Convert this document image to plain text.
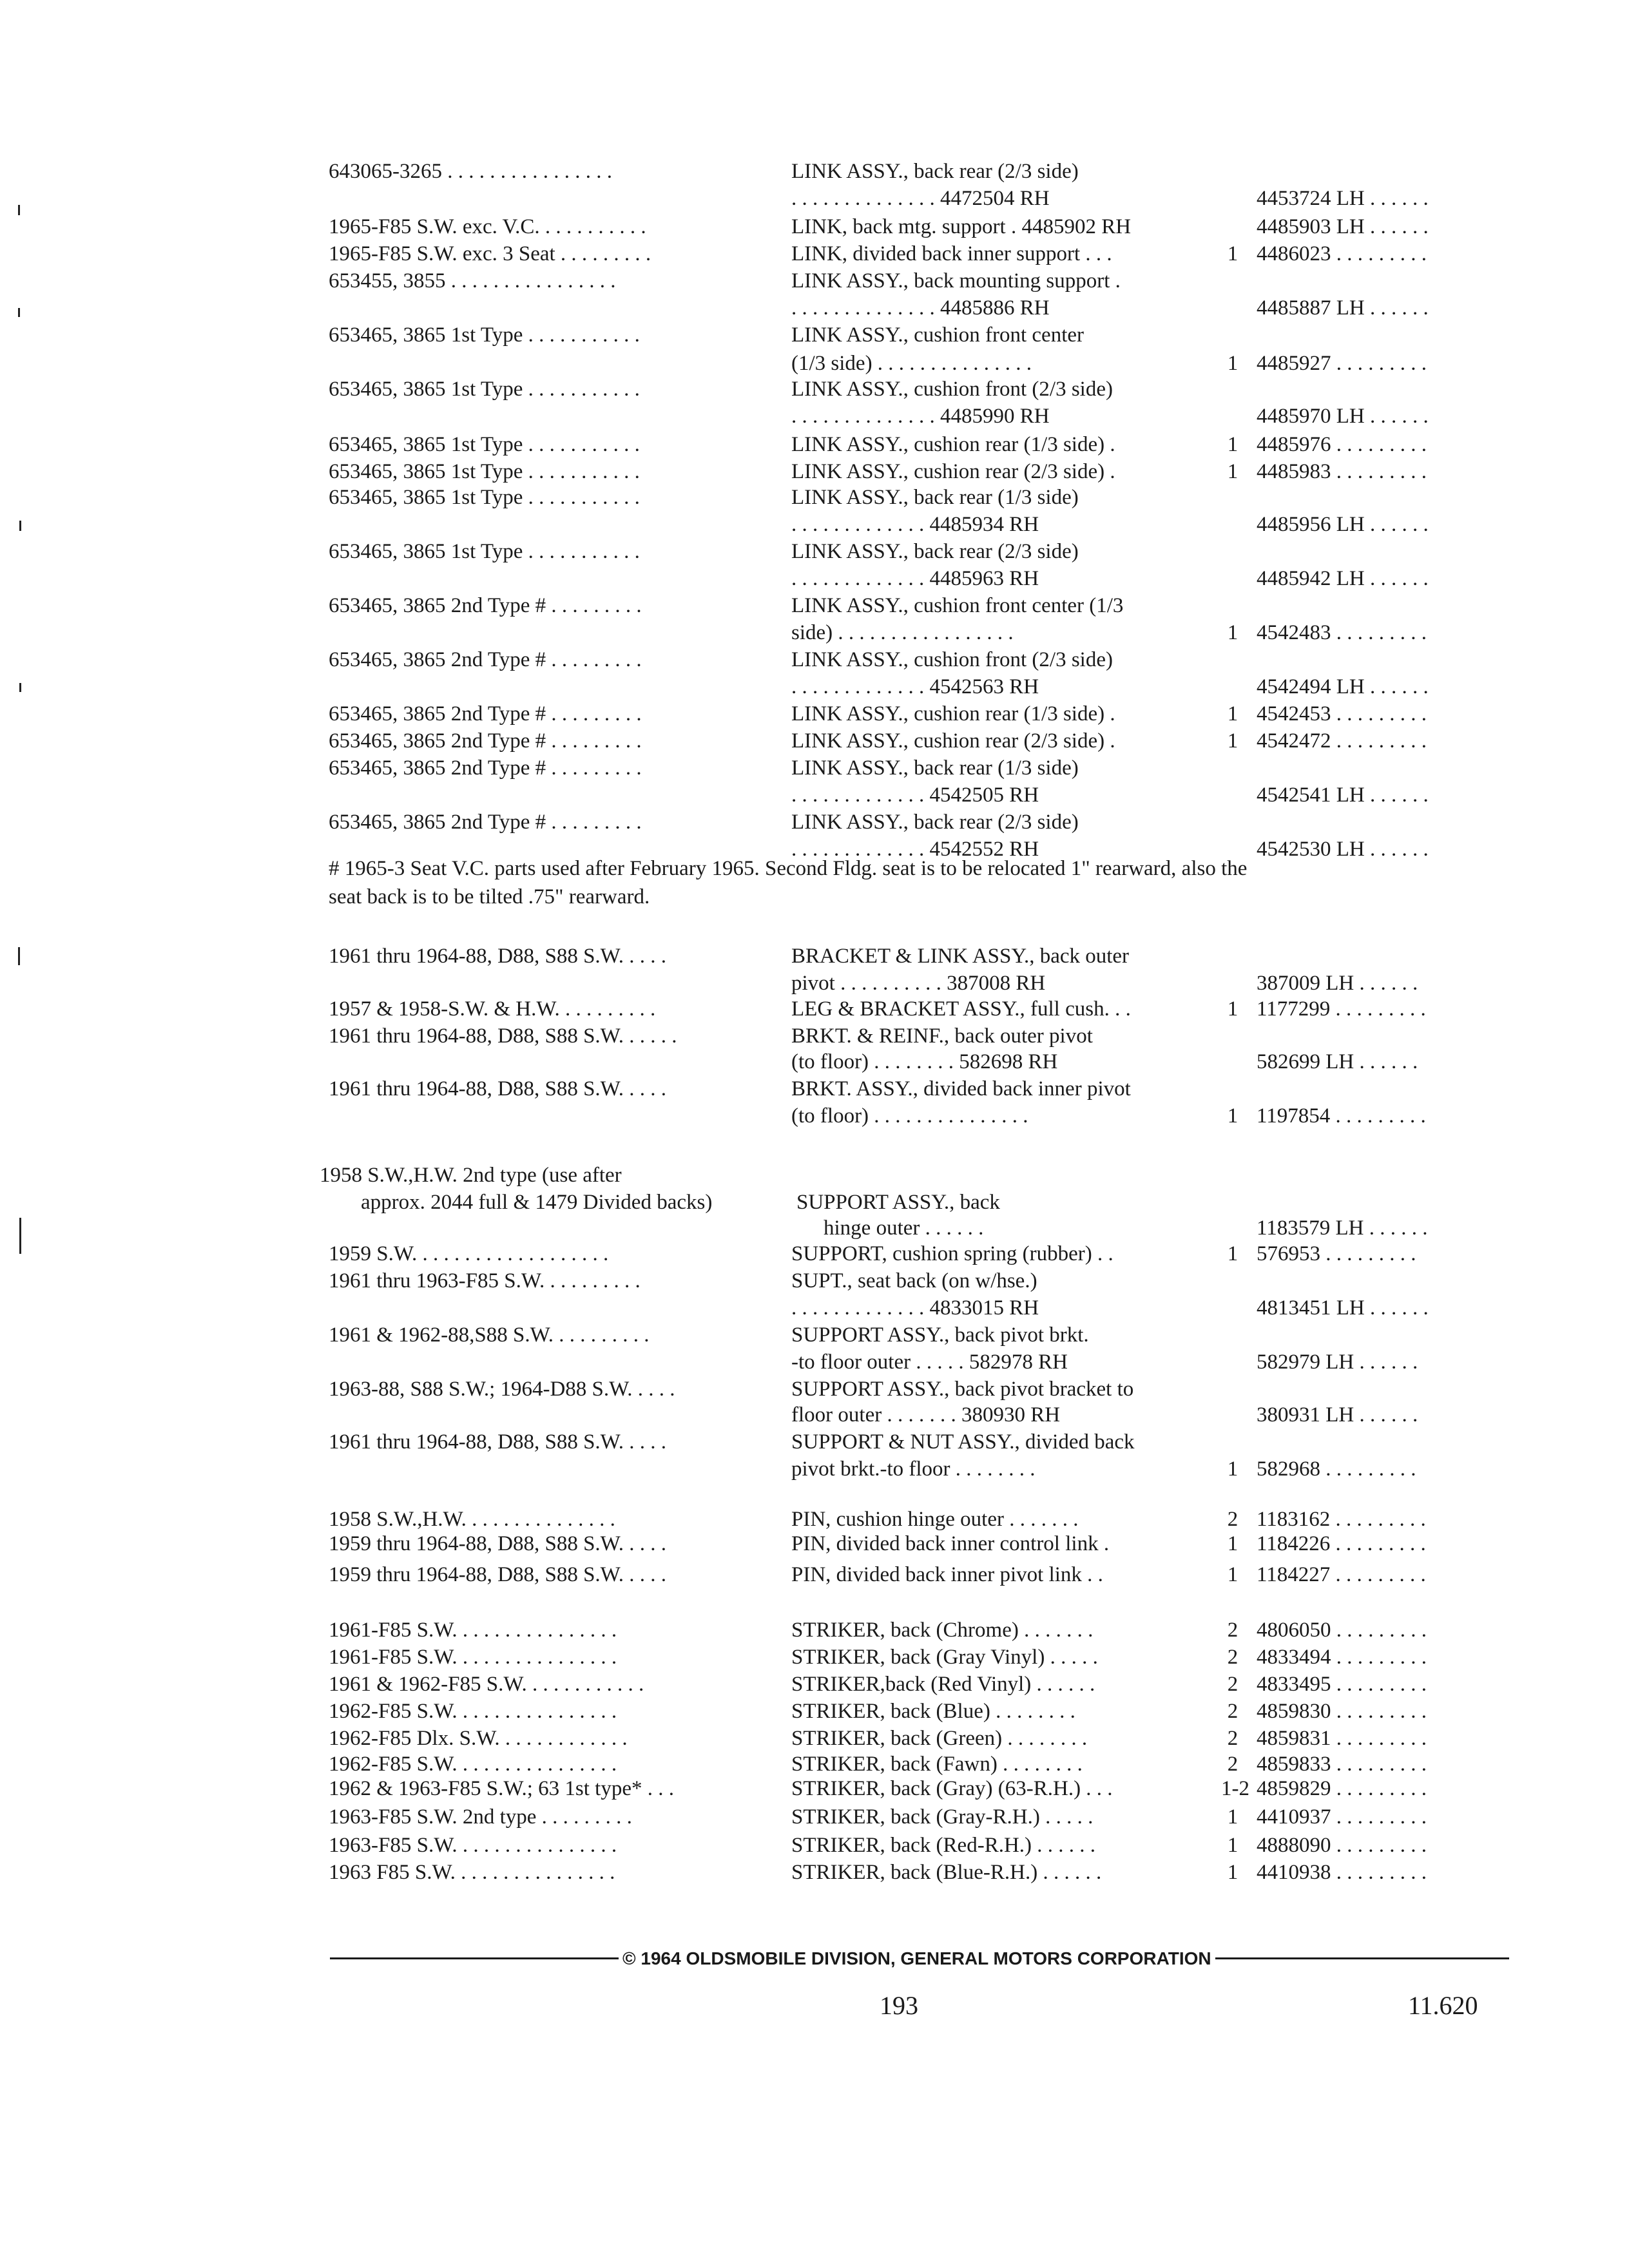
643065-3265 . . . . . . . . . . . . . . . .	LINK ASSY., back rear (2/3 side)
. . . . . . . . . . . . . . 4472504 RH	4453724 LH . . . . . .
1965-F85 S.W. exc. V.C. . . . . . . . . . .	LINK, back mtg. support . 4485902 RH	4485903 LH . . . . . .
1965-F85 S.W. exc. 3 Seat . . . . . . . . .	LINK, divided back inner support . . .	1 4486023 . . . . . . . . .
653455, 3855 . . . . . . . . . . . . . . . .	LINK ASSY., back mounting support .
. . . . . . . . . . . . . . 4485886 RH	4485887 LH . . . . . .
653465, 3865 1st Type . . . . . . . . . . .	LINK ASSY., cushion front center
(1/3 side) . . . . . . . . . . . . . . .	1 4485927 . . . . . . . . .
653465, 3865 1st Type . . . . . . . . . . .	LINK ASSY., cushion front (2/3 side)
. . . . . . . . . . . . . . 4485990 RH	4485970 LH . . . . . .
653465, 3865 1st Type . . . . . . . . . . .	LINK ASSY., cushion rear (1/3 side) .	1 4485976 . . . . . . . . .
653465, 3865 1st Type . . . . . . . . . . .	LINK ASSY., cushion rear (2/3 side) .	1 4485983 . . . . . . . . .
653465, 3865 1st Type . . . . . . . . . . .	LINK ASSY., back rear (1/3 side)
. . . . . . . . . . . . . 4485934 RH	4485956 LH . . . . . .
653465, 3865 1st Type . . . . . . . . . . .	LINK ASSY., back rear (2/3 side)
. . . . . . . . . . . . . 4485963 RH	4485942 LH . . . . . .
653465, 3865 2nd Type # . . . . . . . . .	LINK ASSY., cushion front center (1/3
side) . . . . . . . . . . . . . . . . .	1 4542483 . . . . . . . . .
653465, 3865 2nd Type # . . . . . . . . .	LINK ASSY., cushion front (2/3 side)
. . . . . . . . . . . . . 4542563 RH	4542494 LH . . . . . .
653465, 3865 2nd Type # . . . . . . . . .	LINK ASSY., cushion rear (1/3 side) .	1 4542453 . . . . . . . . .
653465, 3865 2nd Type # . . . . . . . . .	LINK ASSY., cushion rear (2/3 side) .	1 4542472 . . . . . . . . .
653465, 3865 2nd Type # . . . . . . . . .	LINK ASSY., back rear (1/3 side)
. . . . . . . . . . . . . 4542505 RH	4542541 LH . . . . . .
653465, 3865 2nd Type # . . . . . . . . .	LINK ASSY., back rear (2/3 side)
. . . . . . . . . . . . . 4542552 RH	4542530 LH . . . . . .
1961 thru 1964-88, D88, S88 S.W. . . . .	BRACKET & LINK ASSY., back outer
pivot . . . . . . . . . . 387008 RH	387009 LH . . . . . .
1957 & 1958-S.W. & H.W. . . . . . . . . .	LEG & BRACKET ASSY., full cush. . .	1 1177299 . . . . . . . . .
1961 thru 1964-88, D88, S88 S.W. . . . . .	BRKT. & REINF., back outer pivot
(to floor) . . . . . . . . 582698 RH	582699 LH . . . . . .
1961 thru 1964-88, D88, S88 S.W. . . . .	BRKT. ASSY., divided back inner pivot
(to floor) . . . . . . . . . . . . . . .	1 1197854 . . . . . . . . .
1958 S.W.,H.W. 2nd type (use after
approx. 2044 full & 1479 Divided backs)	SUPPORT ASSY., back
hinge outer . . . . . .	1183579 LH . . . . . .
1959 S.W. . . . . . . . . . . . . . . . . . .	SUPPORT, cushion spring (rubber) . .	1 576953 . . . . . . . . .
1961 thru 1963-F85 S.W. . . . . . . . . .	SUPT., seat back (on w/hse.)
. . . . . . . . . . . . . 4833015 RH	4813451 LH . . . . . .
1961 & 1962-88,S88 S.W. . . . . . . . . .	SUPPORT ASSY., back pivot brkt.
-to floor outer . . . . . 582978 RH	582979 LH . . . . . .
1963-88, S88 S.W.; 1964-D88 S.W. . . . .	SUPPORT ASSY., back pivot bracket to
floor outer . . . . . . . 380930 RH	380931 LH . . . . . .
1961 thru 1964-88, D88, S88 S.W. . . . .	SUPPORT & NUT ASSY., divided back
pivot brkt.-to floor . . . . . . . .	1 582968 . . . . . . . . .
1958 S.W.,H.W. . . . . . . . . . . . . . .	PIN, cushion hinge outer . . . . . . .	2 1183162 . . . . . . . . .
1959 thru 1964-88, D88, S88 S.W. . . . .	PIN, divided back inner control link .	1 1184226 . . . . . . . . .
1959 thru 1964-88, D88, S88 S.W. . . . .	PIN, divided back inner pivot link . .	1 1184227 . . . . . . . . .
1961-F85 S.W. . . . . . . . . . . . . . . .	STRIKER, back (Chrome) . . . . . . .	2 4806050 . . . . . . . . .
1961-F85 S.W. . . . . . . . . . . . . . . .	STRIKER, back (Gray Vinyl) . . . . .	2 4833494 . . . . . . . . .
1961 & 1962-F85 S.W. . . . . . . . . . . .	STRIKER,back (Red Vinyl) . . . . . .	2 4833495 . . . . . . . . .
1962-F85 S.W. . . . . . . . . . . . . . . .	STRIKER, back (Blue) . . . . . . . .	2 4859830 . . . . . . . . .
1962-F85 Dlx. S.W. . . . . . . . . . . . .	STRIKER, back (Green) . . . . . . . .	2 4859831 . . . . . . . . .
1962-F85 S.W. . . . . . . . . . . . . . . .	STRIKER, back (Fawn) . . . . . . . .	2 4859833 . . . . . . . . .
1962 & 1963-F85 S.W.; 63 1st type* . . .	STRIKER, back (Gray) (63-R.H.) . . .	1-2 4859829 . . . . . . . . .
1963-F85 S.W. 2nd type . . . . . . . . .	STRIKER, back (Gray-R.H.) . . . . .	1 4410937 . . . . . . . . .
1963-F85 S.W. . . . . . . . . . . . . . . .	STRIKER, back (Red-R.H.) . . . . . .	1 4888090 . . . . . . . . .
1963 F85 S.W. . . . . . . . . . . . . . . .	STRIKER, back (Blue-R.H.) . . . . . .	1 4410938 . . . . . . . . .
# 1965-3 Seat V.C. parts used after February 1965. Second Fldg. seat is to be relocated 1" rearward, also the
seat back is to be tilted .75" rearward.
© 1964 OLDSMOBILE DIVISION, GENERAL MOTORS CORPORATION
193	11.620
